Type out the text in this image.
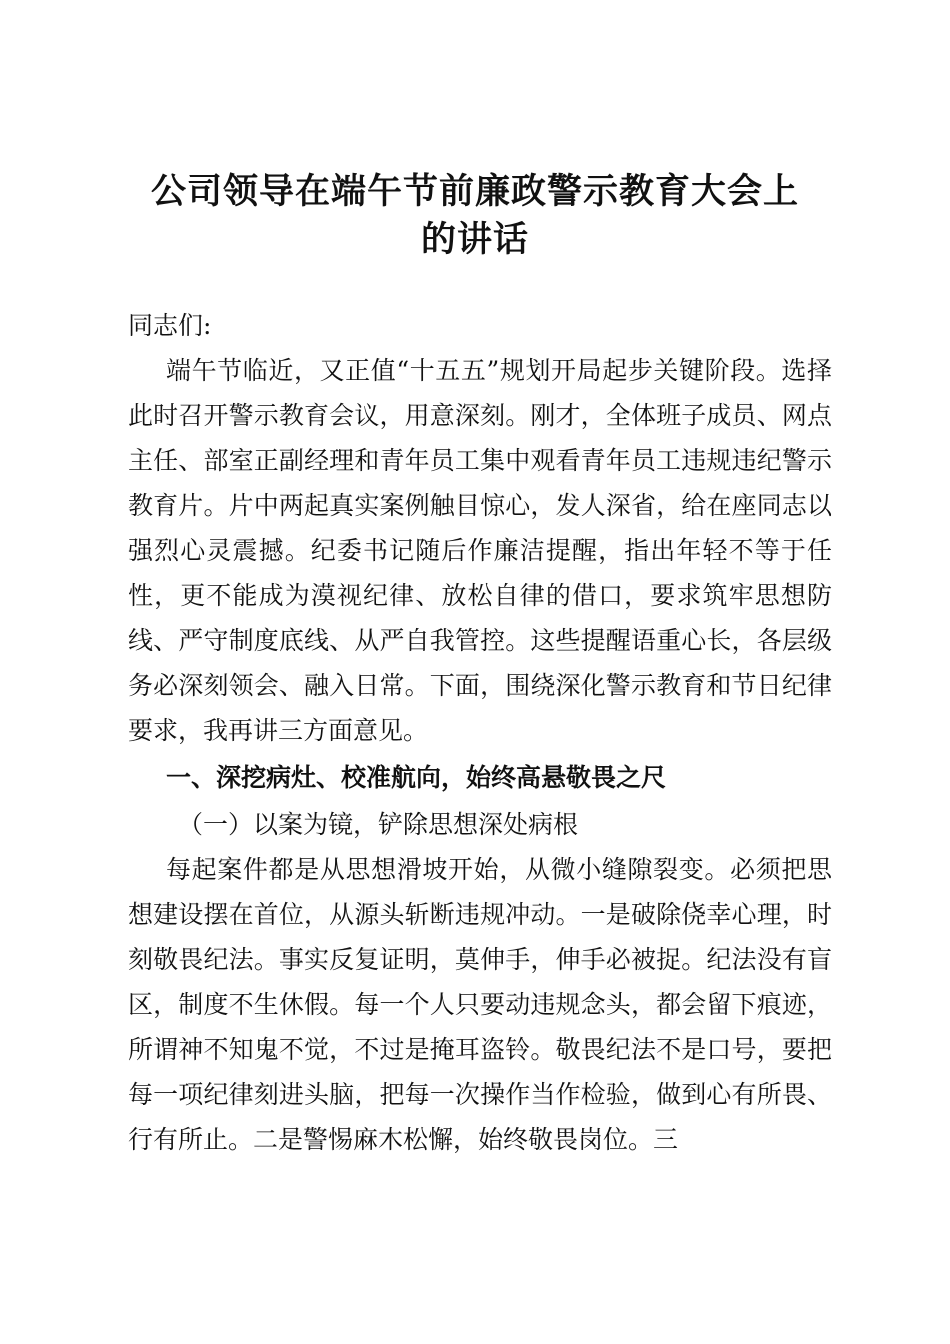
公司领导在端午节前廉政警示教育大会上
的讲话

同志们:

端午节临近，又正值“十五五”规划开局起步关键阶段。选择此时召开警示教育会议，用意深刻。刚才，全体班子成员、网点主任、部室正副经理和青年员工集中观看青年员工违规违纪警示教育片。片中两起真实案例触目惊心，发人深省，给在座同志以强烈心灵震撼。纪委书记随后作廉洁提醒，指出年轻不等于任性，更不能成为漠视纪律、放松自律的借口，要求筑牢思想防线、严守制度底线、从严自我管控。这些提醒语重心长，各层级务必深刻领会、融入日常。下面，围绕深化警示教育和节日纪律要求，我再讲三方面意见。

一、深挖病灶、校准航向，始终高悬敬畏之尺

（一）以案为镜，铲除思想深处病根

每起案件都是从思想滑坡开始，从微小缝隙裂变。必须把思想建设摆在首位，从源头斩断违规冲动。一是破除侥幸心理，时刻敬畏纪法。事实反复证明，莫伸手，伸手必被捉。纪法没有盲区，制度不生休假。每一个人只要动违规念头，都会留下痕迹，所谓神不知鬼不觉，不过是掩耳盗铃。敬畏纪法不是口号，要把每一项纪律刻进头脑，把每一次操作当作检验，做到心有所畏、行有所止。二是警惕麻木松懈，始终敬畏岗位。三
